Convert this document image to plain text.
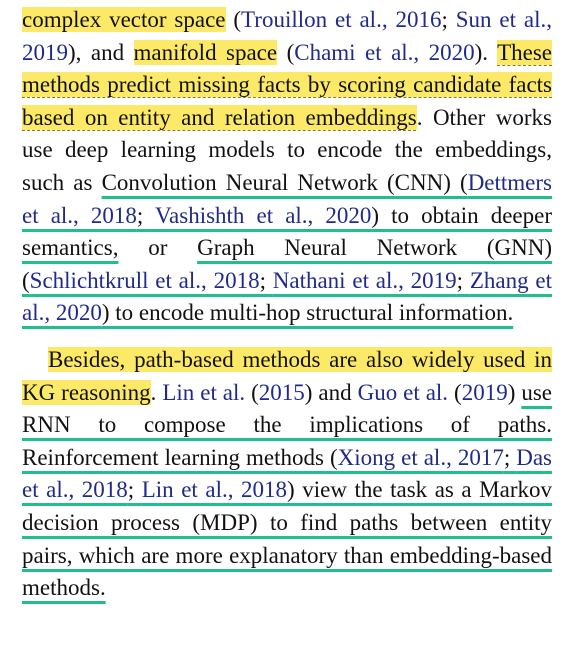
complex vector space (Trouillon et al., 2016; Sun et al., 2019), and manifold space (Chami et al., 2020). These methods predict missing facts by scoring candidate facts based on entity and relation embeddings. Other works use deep learning models to encode the embeddings, such as Convolution Neural Network (CNN) (Dettmers et al., 2018; Vashishth et al., 2020) to obtain deeper semantics, or Graph Neural Network (GNN) (Schlichtkrull et al., 2018; Nathani et al., 2019; Zhang et al., 2020) to encode multi-hop structural information.

Besides, path-based methods are also widely used in KG reasoning. Lin et al. (2015) and Guo et al. (2019) use RNN to compose the implications of paths. Reinforcement learning methods (Xiong et al., 2017; Das et al., 2018; Lin et al., 2018) view the task as a Markov decision process (MDP) to find paths between entity pairs, which are more explanatory than embedding-based methods.
